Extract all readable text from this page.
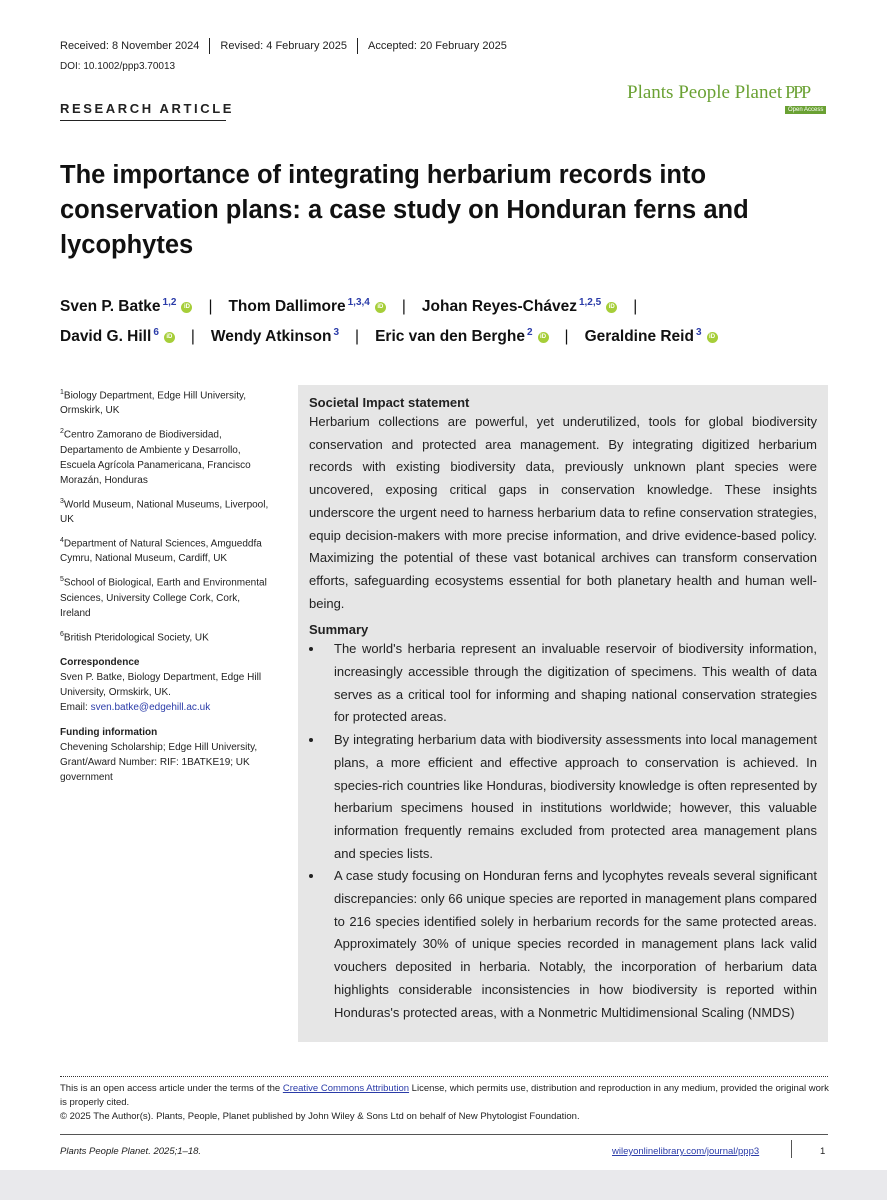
Received: 8 November 2024 Revised: 4 February 2025 Accepted: 20 February 2025
DOI: 10.1002/ppp3.70013
RESEARCH ARTICLE
Plants People Planet PPP
Open Access
The importance of integrating herbarium records into conservation plans: a case study on Honduran ferns and lycophytes
Sven P. Batke$^{1,2}$	iD | Thom Dallimore$^{1,3,4}$	iD | Johan Reyes-Chávez$^{1,2,5}$	iD |
David G. Hill$^6$	iD | Wendy Atkinson$^3$ | Eric van den Berghe$^2$	iD | Geraldine Reid$^3$	iD

$^1$Biology Department, Edge Hill University, Ormskirk, UK

$^2$Centro Zamorano de Biodiversidad, Departamento de Ambiente y Desarrollo, Escuela Agrícola Panamericana, Francisco Morazán, Honduras

$^3$World Museum, National Museums, Liverpool, UK

$^4$Department of Natural Sciences, Amgueddfa Cymru, National Museum, Cardiff, UK

$^5$School of Biological, Earth and Environmental Sciences, University College Cork, Cork, Ireland

$^6$British Pteridological Society, UK

Correspondence
Sven P. Batke, Biology Department, Edge Hill University, Ormskirk, UK.
Email: sven.batke@edgehill.ac.uk
Funding information
Chevening Scholarship; Edge Hill University, Grant/Award Number: RIF: 1BATKE19; UK government
Societal Impact statement

Herbarium collections are powerful, yet underutilized, tools for global biodiversity conservation and protected area management. By integrating digitized herbarium records with existing biodiversity data, previously unknown plant species were uncovered, exposing critical gaps in conservation knowledge. These insights underscore the urgent need to harness herbarium data to refine conservation strategies, equip decision-makers with more precise information, and drive evidence-based policy. Maximizing the potential of these vast botanical archives can transform conservation efforts, safeguarding ecosystems essential for both planetary health and human well-being.

Summary
• The world's herbaria represent an invaluable reservoir of biodiversity information, increasingly accessible through the digitization of specimens. This wealth of data serves as a critical tool for informing and shaping national conservation strategies for protected areas.
• By integrating herbarium data with biodiversity assessments into local management plans, a more efficient and effective approach to conservation is achieved. In species-rich countries like Honduras, biodiversity knowledge is often represented by herbarium specimens housed in institutions worldwide; however, this valuable information frequently remains excluded from protected area management plans and species lists.
• A case study focusing on Honduran ferns and lycophytes reveals several significant discrepancies: only 66 unique species are reported in management plans compared to 216 species identified solely in herbarium records for the same protected areas. Approximately 30% of unique species recorded in management plans lack valid vouchers deposited in herbaria. Notably, the incorporation of herbarium data highlights considerable inconsistencies in how biodiversity is reported within Honduras's protected areas, with a Nonmetric Multidimensional Scaling (NMDS)
This is an open access article under the terms of the Creative Commons Attribution License, which permits use, distribution and reproduction in any medium, provided the original work is properly cited.
© 2025 The Author(s). Plants, People, Planet published by John Wiley & Sons Ltd on behalf of New Phytologist Foundation.
Plants People Planet. 2025;1–18.	wileyonlinelibrary.com/journal/ppp3	1
